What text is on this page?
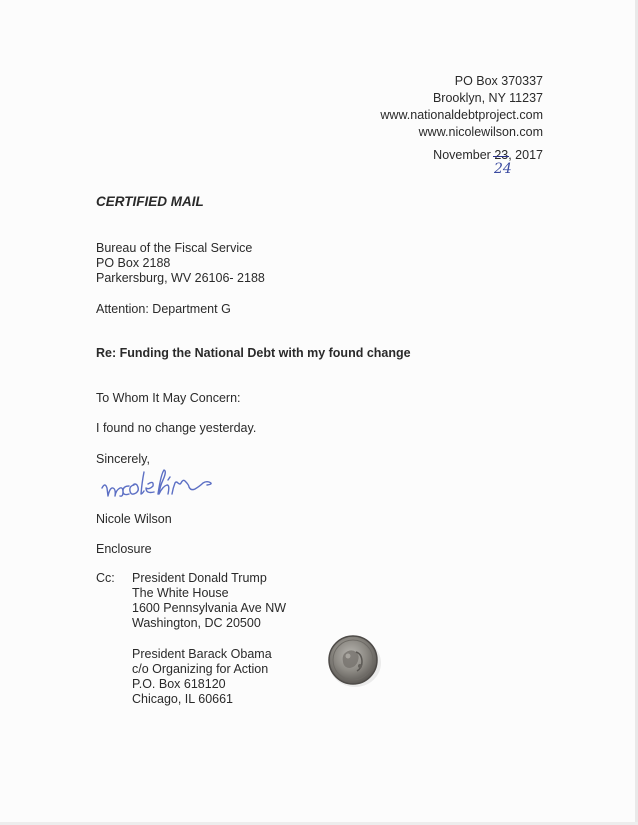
PO Box 370337
Brooklyn, NY 11237
www.nationaldebtproject.com
www.nicolewilson.com
November 23, 2017
24
CERTIFIED MAIL
Bureau of the Fiscal Service
PO Box 2188
Parkersburg, WV 26106- 2188
Attention: Department G
Re: Funding the National Debt with my found change
To Whom It May Concern:
I found no change yesterday.
Sincerely,
Nicole Wilson
Enclosure
Cc: President Donald Trump
The White House
1600 Pennsylvania Ave NW
Washington, DC 20500
President Barack Obama
c/o Organizing for Action
P.O. Box 618120
Chicago, IL 60661
